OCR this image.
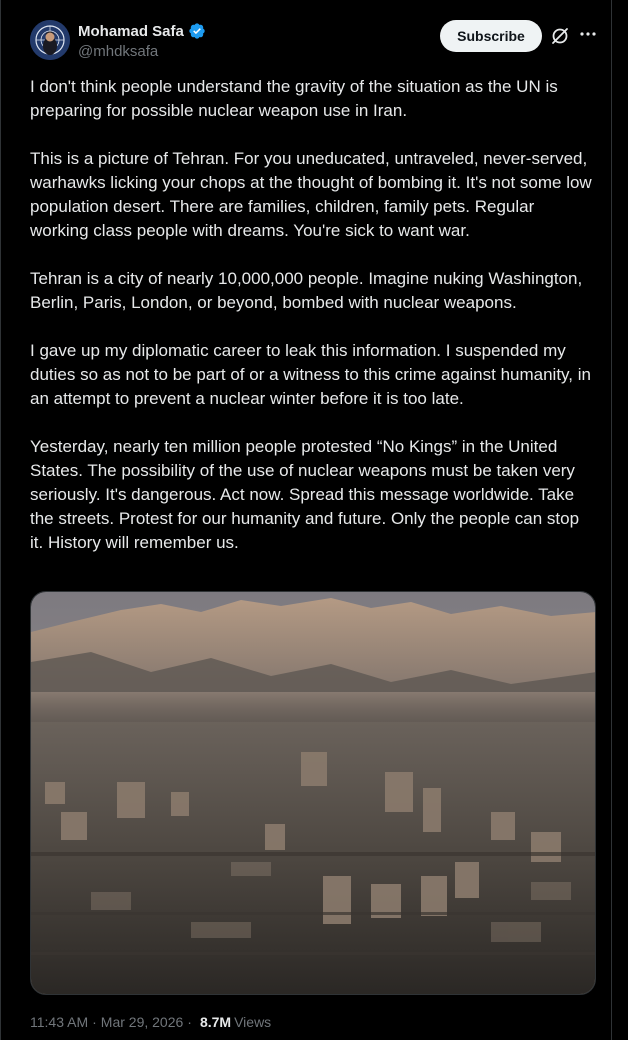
Mohamad Safa
@mhdksafa
Subscribe

I don't think people understand the gravity of the situation as the UN is preparing for possible nuclear weapon use in Iran.

This is a picture of Tehran. For you uneducated, untraveled, never-served, warhawks licking your chops at the thought of bombing it. It's not some low population desert. There are families, children, family pets. Regular working class people with dreams. You're sick to want war.

Tehran is a city of nearly 10,000,000 people. Imagine nuking Washington, Berlin, Paris, London, or beyond, bombed with nuclear weapons.

I gave up my diplomatic career to leak this information. I suspended my duties so as not to be part of or a witness to this crime against humanity, in an attempt to prevent a nuclear winter before it is too late.

Yesterday, nearly ten million people protested “No Kings” in the United States. The possibility of the use of nuclear weapons must be taken very seriously. It's dangerous. Act now. Spread this message worldwide. Take the streets. Protest for our humanity and future. Only the people can stop it. History will remember us.

11:43 AM · Mar 29, 2026 · 8.7M Views
